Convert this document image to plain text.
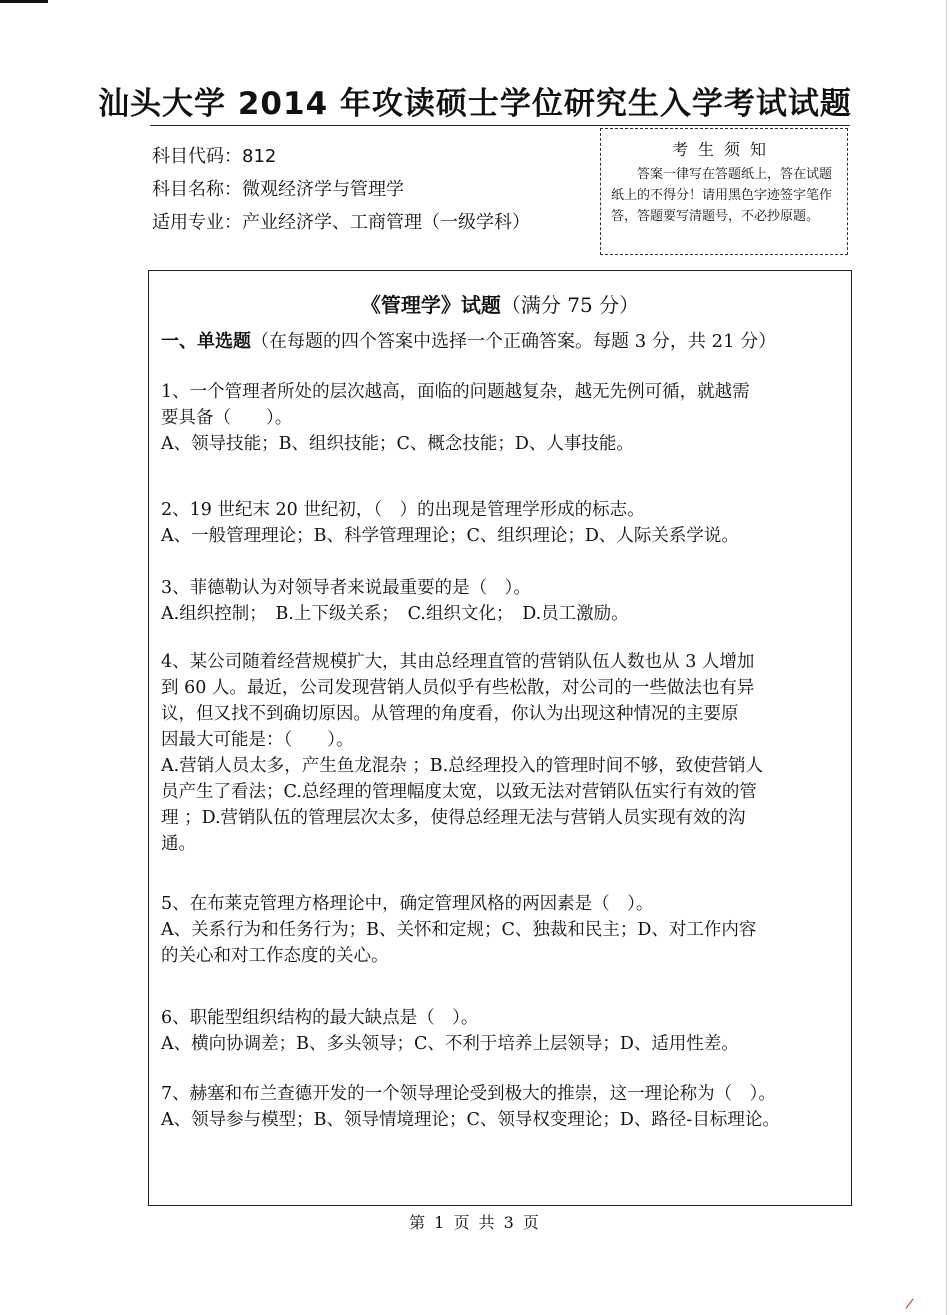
汕头大学 2014 年攻读硕士学位研究生入学考试试题
科目代码：812
科目名称：微观经济学与管理学
适用专业：产业经济学、工商管理（一级学科）
考生须知
答案一律写在答题纸上，答在试题纸上的不得分！请用黑色字迹签字笔作答，答题要写清题号，不必抄原题。
《管理学》试题（满分 75 分）
一、单选题（在每题的四个答案中选择一个正确答案。每题 3 分，共 21 分）

1、一个管理者所处的层次越高，面临的问题越复杂，越无先例可循，就越需

要具备（　　）。

A、领导技能；B、组织技能；C、概念技能；D、人事技能。

2、19 世纪末 20 世纪初，（　）的出现是管理学形成的标志。

A、一般管理理论；B、科学管理理论；C、组织理论；D、人际关系学说。

3、菲德勒认为对领导者来说最重要的是（　）。

A.组织控制；　B.上下级关系；　C.组织文化；　D.员工激励。

4、某公司随着经营规模扩大，其由总经理直管的营销队伍人数也从 3 人增加

到 60 人。最近，公司发现营销人员似乎有些松散，对公司的一些做法也有异

议，但又找不到确切原因。从管理的角度看，你认为出现这种情况的主要原

因最大可能是：（　　）。

A.营销人员太多，产生鱼龙混杂 ；B.总经理投入的管理时间不够，致使营销人

员产生了看法；C.总经理的管理幅度太宽，以致无法对营销队伍实行有效的管

理 ；D.营销队伍的管理层次太多，使得总经理无法与营销人员实现有效的沟

通。

5、在布莱克管理方格理论中，确定管理风格的两因素是（　）。

A、关系行为和任务行为；B、关怀和定规；C、独裁和民主；D、对工作内容

的关心和对工作态度的关心。

6、职能型组织结构的最大缺点是（　）。

A、横向协调差；B、多头领导；C、不利于培养上层领导；D、适用性差。

7、赫塞和布兰查德开发的一个领导理论受到极大的推崇，这一理论称为（　）。

A、领导参与模型；B、领导情境理论；C、领导权变理论；D、路径-目标理论。

第 1 页 共 3 页
/
